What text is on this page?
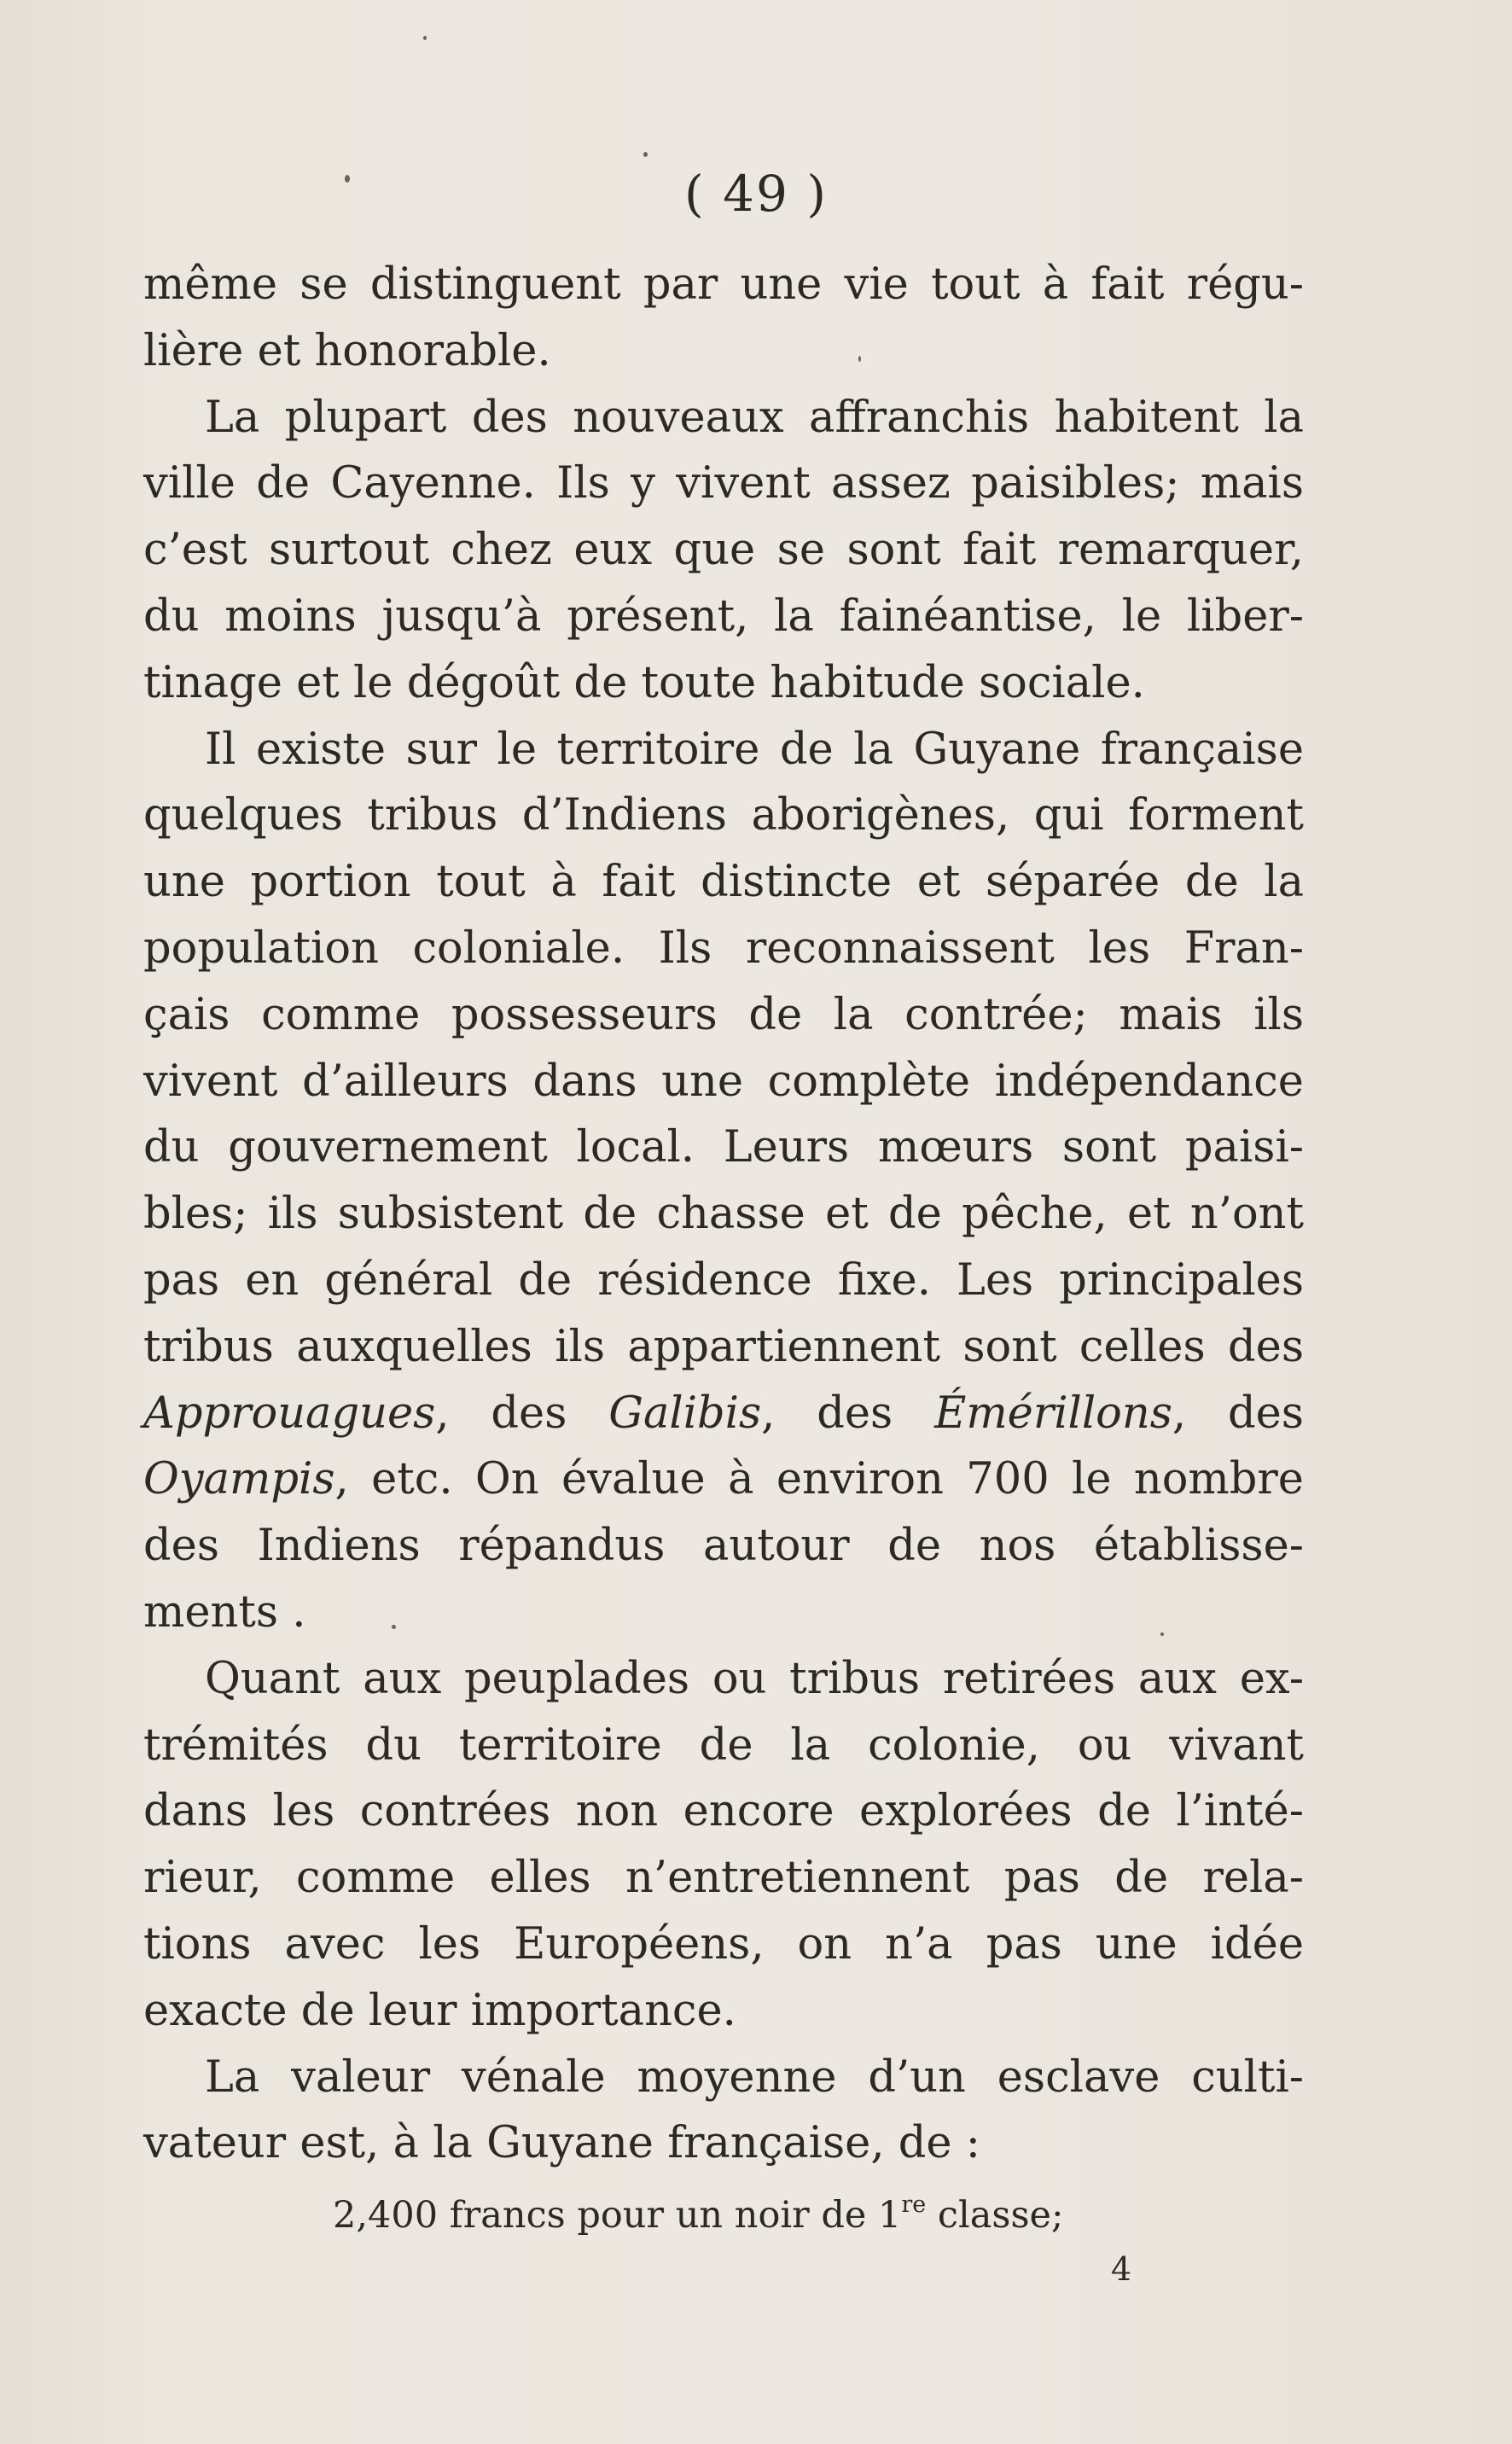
( 49 )
même se distinguent par une vie tout à fait régu-
lière et honorable.
La plupart des nouveaux affranchis habitent la
ville de Cayenne. Ils y vivent assez paisibles; mais
c’est surtout chez eux que se sont fait remarquer,
du moins jusqu’à présent, la fainéantise, le liber-
tinage et le dégoût de toute habitude sociale.
Il existe sur le territoire de la Guyane française
quelques tribus d’Indiens aborigènes, qui forment
une portion tout à fait distincte et séparée de la
population coloniale. Ils reconnaissent les Fran-
çais comme possesseurs de la contrée; mais ils
vivent d’ailleurs dans une complète indépendance
du gouvernement local. Leurs mœurs sont paisi-
bles; ils subsistent de chasse et de pêche, et n’ont
pas en général de résidence fixe. Les principales
tribus auxquelles ils appartiennent sont celles des
Approuagues, des Galibis, des Émérillons, des
Oyampis, etc. On évalue à environ 700 le nombre
des Indiens répandus autour de nos établisse-
ments .
Quant aux peuplades ou tribus retirées aux ex-
trémités du territoire de la colonie, ou vivant
dans les contrées non encore explorées de l’inté-
rieur, comme elles n’entretiennent pas de rela-
tions avec les Européens, on n’a pas une idée
exacte de leur importance.
La valeur vénale moyenne d’un esclave culti-
vateur est, à la Guyane française, de :
2,400 francs pour un noir de 1re classe;
4
